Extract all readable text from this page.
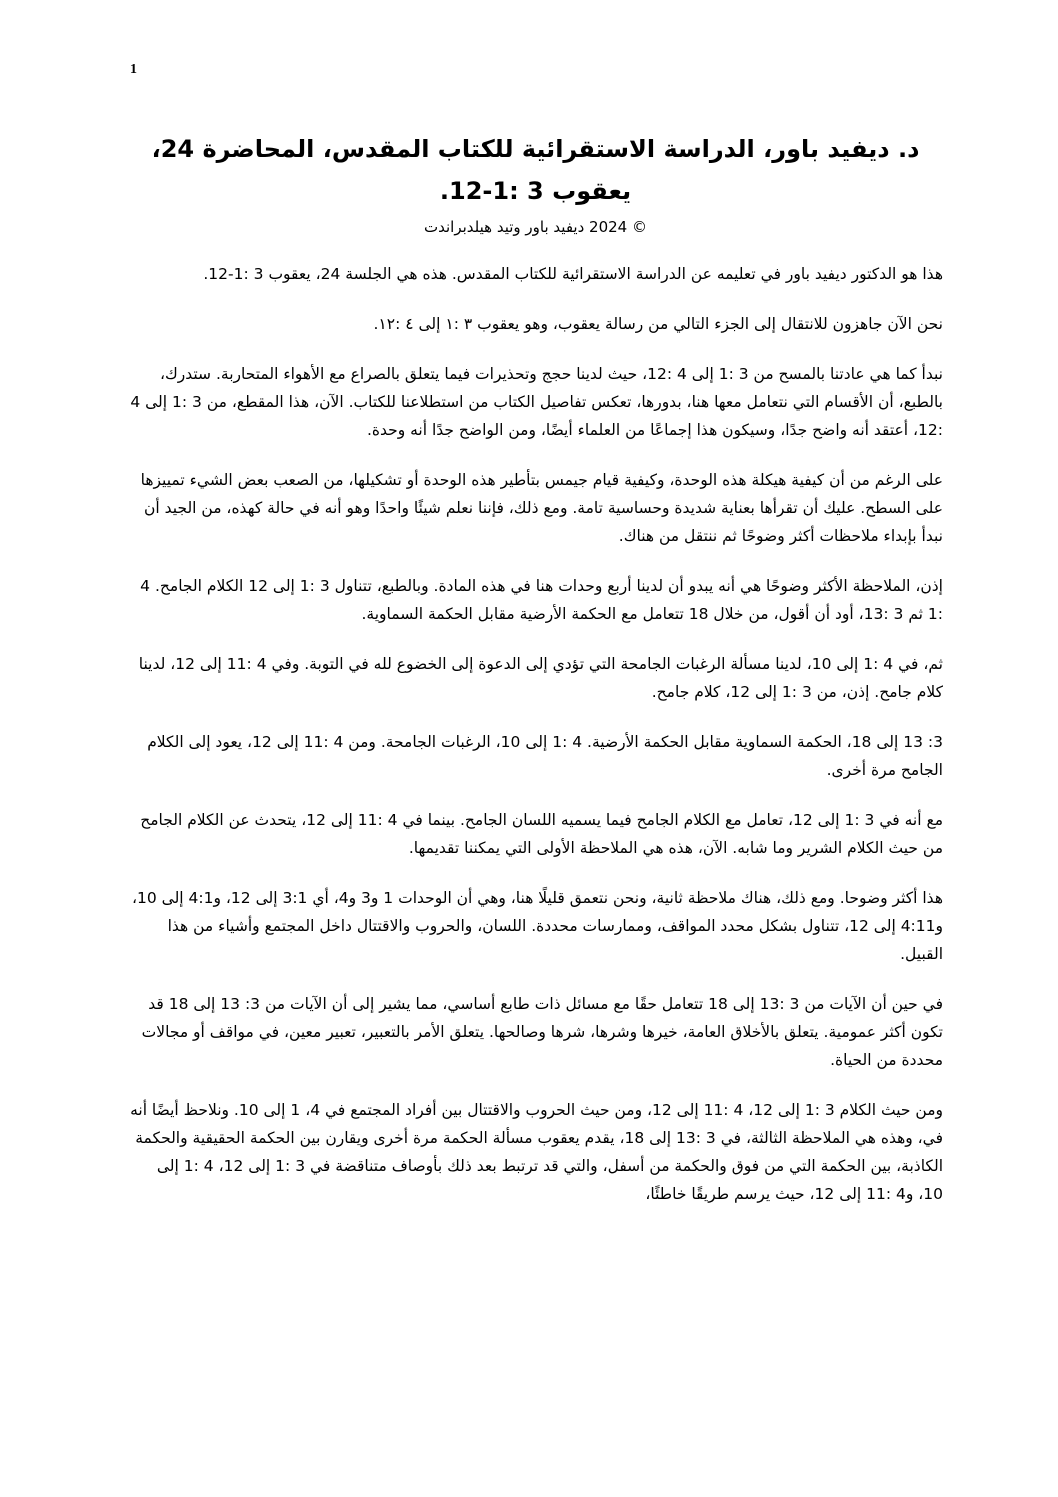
1
د. ديفيد باور، الدراسة الاستقرائية للكتاب المقدس، المحاضرة 24،
يعقوب 3 :1-12.
© 2024 ديفيد باور وتيد هيلدبراندت

هذا هو الدكتور ديفيد باور في تعليمه عن الدراسة الاستقرائية للكتاب المقدس. هذه هي الجلسة 24، يعقوب 3 :1-12.

نحن الآن جاهزون للانتقال إلى الجزء التالي من رسالة يعقوب، وهو يعقوب ٣ :١ إلى ٤ :١٢.

نبدأ كما هي عادتنا بالمسح من 3 :1 إلى 4 :12، حيث لدينا حجج وتحذيرات فيما يتعلق بالصراع مع الأهواء المتحاربة. ستدرك، بالطبع، أن الأقسام التي نتعامل معها هنا، بدورها، تعكس تفاصيل الكتاب من استطلاعنا للكتاب. الآن، هذا المقطع، من 3 :1 إلى 4 :12، أعتقد أنه واضح جدًا، وسيكون هذا إجماعًا من العلماء أيضًا، ومن الواضح جدًا أنه وحدة.

على الرغم من أن كيفية هيكلة هذه الوحدة، وكيفية قيام جيمس بتأطير هذه الوحدة أو تشكيلها، من الصعب بعض الشيء تمييزها على السطح. عليك أن تقرأها بعناية شديدة وحساسية تامة. ومع ذلك، فإننا نعلم شيئًا واحدًا وهو أنه في حالة كهذه، من الجيد أن نبدأ بإبداء ملاحظات أكثر وضوحًا ثم ننتقل من هناك.

إذن، الملاحظة الأكثر وضوحًا هي أنه يبدو أن لدينا أربع وحدات هنا في هذه المادة. وبالطبع، تتناول 3 :1 إلى 12 الكلام الجامح. 4 :1 ثم 3 :13، أود أن أقول، من خلال 18 تتعامل مع الحكمة الأرضية مقابل الحكمة السماوية.

ثم، في 4 :1 إلى 10، لدينا مسألة الرغبات الجامحة التي تؤدي إلى الدعوة إلى الخضوع لله في التوبة. وفي 4 :11 إلى 12، لدينا كلام جامح. إذن، من 3 :1 إلى 12، كلام جامح.

3: 13 إلى 18، الحكمة السماوية مقابل الحكمة الأرضية. 4 :1 إلى 10، الرغبات الجامحة. ومن 4 :11 إلى 12، يعود إلى الكلام الجامح مرة أخرى.

مع أنه في 3 :1 إلى 12، تعامل مع الكلام الجامح فيما يسميه اللسان الجامح. بينما في 4 :11 إلى 12، يتحدث عن الكلام الجامح من حيث الكلام الشرير وما شابه. الآن، هذه هي الملاحظة الأولى التي يمكننا تقديمها.

هذا أكثر وضوحا. ومع ذلك، هناك ملاحظة ثانية، ونحن نتعمق قليلًا هنا، وهي أن الوحدات 1 و3 و4، أي 3:1 إلى 12، و4:1 إلى 10، و4:11 إلى 12، تتناول بشكل محدد المواقف، وممارسات محددة. اللسان، والحروب والاقتتال داخل المجتمع وأشياء من هذا القبيل.

في حين أن الآيات من 3 :13 إلى 18 تتعامل حقًا مع مسائل ذات طابع أساسي، مما يشير إلى أن الآيات من 3: 13 إلى 18 قد تكون أكثر عمومية. يتعلق بالأخلاق العامة، خيرها وشرها، شرها وصالحها. يتعلق الأمر بالتعبير، تعبير معين، في مواقف أو مجالات محددة من الحياة.

ومن حيث الكلام 3 :1 إلى 12، 4 :11 إلى 12، ومن حيث الحروب والاقتتال بين أفراد المجتمع في 4، 1 إلى 10. ونلاحظ أيضًا أنه في، وهذه هي الملاحظة الثالثة، في 3 :13 إلى 18، يقدم يعقوب مسألة الحكمة مرة أخرى ويقارن بين الحكمة الحقيقية والحكمة الكاذبة، بين الحكمة التي من فوق والحكمة من أسفل، والتي قد ترتبط بعد ذلك بأوصاف متناقضة في 3 :1 إلى 12، 4 :1 إلى 10، و4 :11 إلى 12، حيث يرسم طريقًا خاطئًا،
